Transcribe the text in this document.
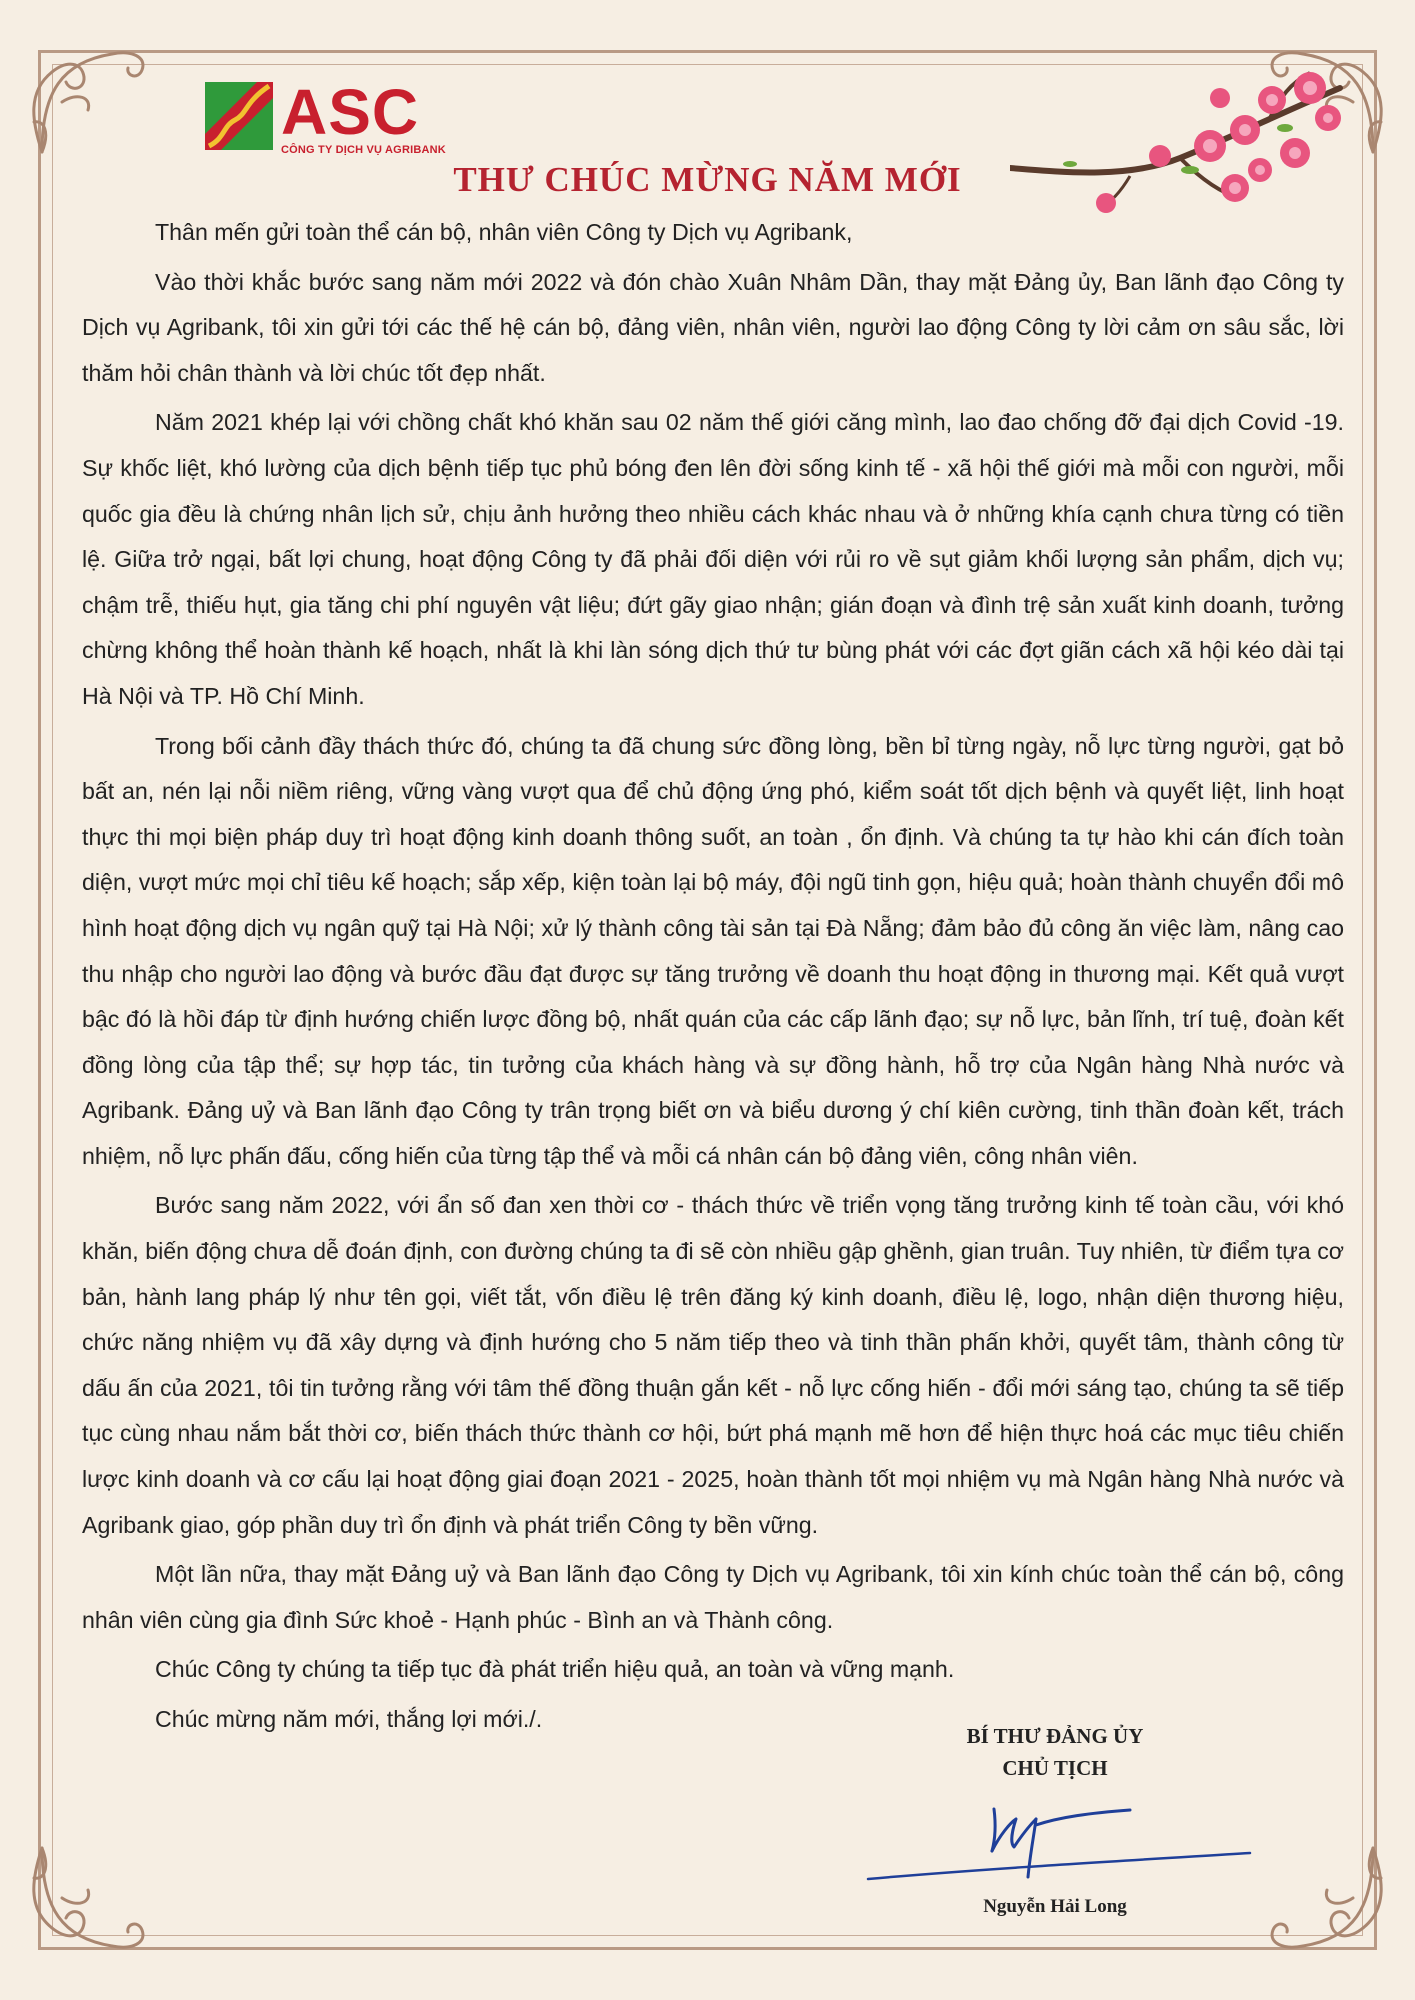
ASC
CÔNG TY DỊCH VỤ AGRIBANK
THƯ CHÚC MỪNG NĂM MỚI

Thân mến gửi toàn thể cán bộ, nhân viên Công ty Dịch vụ Agribank,

Vào thời khắc bước sang năm mới 2022 và đón chào Xuân Nhâm Dần, thay mặt Đảng ủy, Ban lãnh đạo Công ty Dịch vụ Agribank, tôi xin gửi tới các thế hệ cán bộ, đảng viên, nhân viên, người lao động Công ty lời cảm ơn sâu sắc, lời thăm hỏi chân thành và lời chúc tốt đẹp nhất.

Năm 2021 khép lại với chồng chất khó khăn sau 02 năm thế giới căng mình, lao đao chống đỡ đại dịch Covid -19. Sự khốc liệt, khó lường của dịch bệnh tiếp tục phủ bóng đen lên đời sống kinh tế - xã hội thế giới mà mỗi con người, mỗi quốc gia đều là chứng nhân lịch sử, chịu ảnh hưởng theo nhiều cách khác nhau và ở những khía cạnh chưa từng có tiền lệ. Giữa trở ngại, bất lợi chung, hoạt động Công ty đã phải đối diện với rủi ro về sụt giảm khối lượng sản phẩm, dịch vụ; chậm trễ, thiếu hụt, gia tăng chi phí nguyên vật liệu; đứt gãy giao nhận; gián đoạn và đình trệ sản xuất kinh doanh, tưởng chừng không thể hoàn thành kế hoạch, nhất là khi làn sóng dịch thứ tư bùng phát với các đợt giãn cách xã hội kéo dài tại Hà Nội và TP. Hồ Chí Minh.

Trong bối cảnh đầy thách thức đó, chúng ta đã chung sức đồng lòng, bền bỉ từng ngày, nỗ lực từng người, gạt bỏ bất an, nén lại nỗi niềm riêng, vững vàng vượt qua để chủ động ứng phó, kiểm soát tốt dịch bệnh và quyết liệt, linh hoạt thực thi mọi biện pháp duy trì hoạt động kinh doanh thông suốt, an toàn , ổn định. Và chúng ta tự hào khi cán đích toàn diện, vượt mức mọi chỉ tiêu kế hoạch; sắp xếp, kiện toàn lại bộ máy, đội ngũ tinh gọn, hiệu quả; hoàn thành chuyển đổi mô hình hoạt động dịch vụ ngân quỹ tại Hà Nội; xử lý thành công tài sản tại Đà Nẵng; đảm bảo đủ công ăn việc làm, nâng cao thu nhập cho người lao động và bước đầu đạt được sự tăng trưởng về doanh thu hoạt động in thương mại. Kết quả vượt bậc đó là hồi đáp từ định hướng chiến lược đồng bộ, nhất quán của các cấp lãnh đạo; sự nỗ lực, bản lĩnh, trí tuệ, đoàn kết đồng lòng của tập thể; sự hợp tác, tin tưởng của khách hàng và sự đồng hành, hỗ trợ của Ngân hàng Nhà nước và Agribank. Đảng uỷ và Ban lãnh đạo Công ty trân trọng biết ơn và biểu dương ý chí kiên cường, tinh thần đoàn kết, trách nhiệm, nỗ lực phấn đấu, cống hiến của từng tập thể và mỗi cá nhân cán bộ đảng viên, công nhân viên.

Bước sang năm 2022, với ẩn số đan xen thời cơ - thách thức về triển vọng tăng trưởng kinh tế toàn cầu, với khó khăn, biến động chưa dễ đoán định, con đường chúng ta đi sẽ còn nhiều gập ghềnh, gian truân. Tuy nhiên, từ điểm tựa cơ bản, hành lang pháp lý như tên gọi, viết tắt, vốn điều lệ trên đăng ký kinh doanh, điều lệ, logo, nhận diện thương hiệu, chức năng nhiệm vụ đã xây dựng và định hướng cho 5 năm tiếp theo và tinh thần phấn khởi, quyết tâm, thành công từ dấu ấn của 2021, tôi tin tưởng rằng với tâm thế đồng thuận gắn kết - nỗ lực cống hiến - đổi mới sáng tạo, chúng ta sẽ tiếp tục cùng nhau nắm bắt thời cơ, biến thách thức thành cơ hội, bứt phá mạnh mẽ hơn để hiện thực hoá các mục tiêu chiến lược kinh doanh và cơ cấu lại hoạt động giai đoạn 2021 - 2025, hoàn thành tốt mọi nhiệm vụ mà Ngân hàng Nhà nước và Agribank giao, góp phần duy trì ổn định và phát triển Công ty bền vững.

Một lần nữa, thay mặt Đảng uỷ và Ban lãnh đạo Công ty Dịch vụ Agribank, tôi xin kính chúc toàn thể cán bộ, công nhân viên cùng gia đình Sức khoẻ - Hạnh phúc - Bình an và Thành công.

Chúc Công ty chúng ta tiếp tục đà phát triển hiệu quả, an toàn và vững mạnh.

Chúc mừng năm mới, thắng lợi mới./.

BÍ THƯ ĐẢNG ỦY
CHỦ TỊCH
Nguyễn Hải Long
